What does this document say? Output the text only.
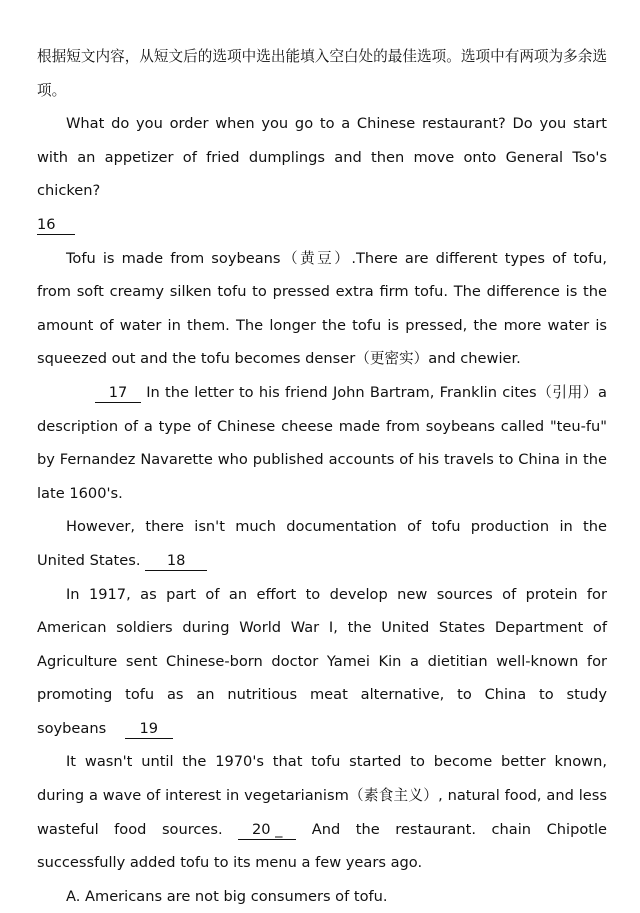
根据短文内容，从短文后的选项中选出能填入空白处的最佳选项。选项中有两项为多余选项。

What do you order when you go to a Chinese restaurant? Do you start with an appetizer of fried dumplings and then move onto General Tso's chicken?
16

Tofu is made from soybeans（黄豆）.There are different types of tofu, from soft creamy silken tofu to pressed extra firm tofu. The difference is the amount of water in them. The longer the tofu is pressed, the more water is squeezed out and the tofu becomes denser（更密实）and chewier.

17 In the letter to his friend John Bartram, Franklin cites（引用）a description of a type of Chinese cheese made from soybeans called "teu-fu" by Fernandez Navarette who published accounts of his travels to China in the late 1600's.

However, there isn't much documentation of tofu production in the United States. 18

In 1917, as part of an effort to develop new sources of protein for American soldiers during World War I, the United States Department of Agriculture sent Chinese-born doctor Yamei Kin a dietitian well-known for promoting tofu as an nutritious meat alternative, to China to study soybeans 19

It wasn't until the 1970's that tofu started to become better known, during a wave of interest in vegetarianism（素食主义）, natural food, and less wasteful food sources. 20 _ And the restaurant. chain Chipotle successfully added tofu to its menu a few years ago.

A. Americans are not big consumers of tofu.
